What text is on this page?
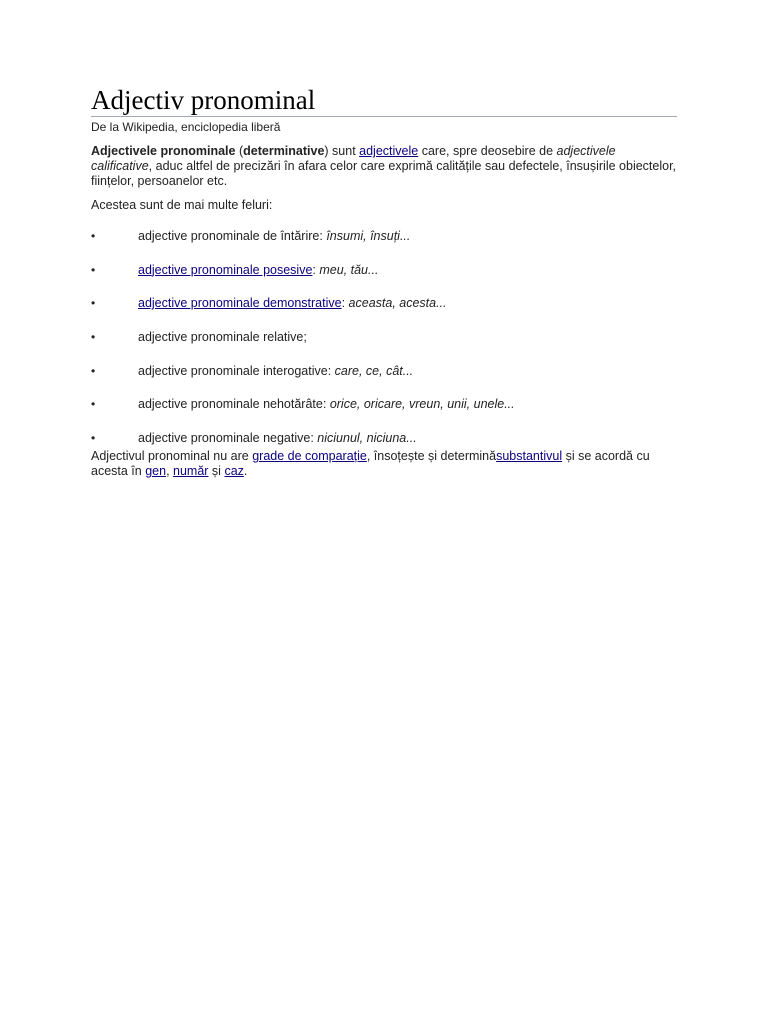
Adjectiv pronominal
De la Wikipedia, enciclopedia liberă

Adjectivele pronominale (determinative) sunt adjectivele care, spre deosebire de adjectivele calificative, aduc altfel de precizări în afara celor care exprimă calitățile sau defectele, însușirile obiectelor, ființelor, persoanelor etc.

Acestea sunt de mai multe feluri:

•	adjective pronominale de întărire: însumi, însuți...
•	adjective pronominale posesive: meu, tău...
•	adjective pronominale demonstrative: aceasta, acesta...
•	adjective pronominale relative;
•	adjective pronominale interogative: care, ce, cât...
•	adjective pronominale nehotărâte: orice, oricare, vreun, unii, unele...
•	adjective pronominale negative: niciunul, niciuna...

Adjectivul pronominal nu are grade de comparație, însoțește și determinăsubstantivul și se acordă cu acesta în gen, număr și caz.
